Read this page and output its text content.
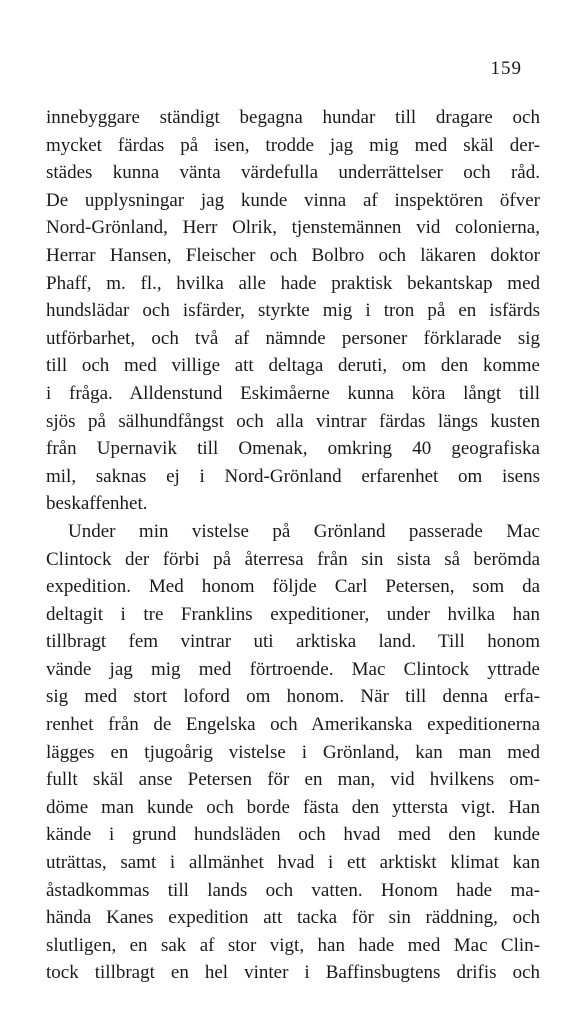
159
innebyggare ständigt begagna hundar till dragare och
mycket färdas på isen, trodde jag mig med skäl der-
städes kunna vänta värdefulla underrättelser och råd.
De upplysningar jag kunde vinna af inspektören öfver
Nord-Grönland, Herr Olrik, tjenstemännen vid colonierna,
Herrar Hansen, Fleischer och Bolbro och läkaren doktor
Phaff, m. fl., hvilka alle hade praktisk bekantskap med
hundslädar och isfärder, styrkte mig i tron på en isfärds
utförbarhet, och två af nämnde personer förklarade sig
till och med villige att deltaga deruti, om den komme
i fråga. Alldenstund Eskimåerne kunna köra långt till
sjös på sälhundfångst och alla vintrar färdas längs kusten
från Upernavik till Omenak, omkring 40 geografiska
mil, saknas ej i Nord-Grönland erfarenhet om isens
beskaffenhet.
Under min vistelse på Grönland passerade Mac
Clintock der förbi på återresa från sin sista så berömda
expedition. Med honom följde Carl Petersen, som da
deltagit i tre Franklins expeditioner, under hvilka han
tillbragt fem vintrar uti arktiska land. Till honom
vände jag mig med förtroende. Mac Clintock yttrade
sig med stort loford om honom. När till denna erfa-
renhet från de Engelska och Amerikanska expeditionerna
lägges en tjugoårig vistelse i Grönland, kan man med
fullt skäl anse Petersen för en man, vid hvilkens om-
döme man kunde och borde fästa den yttersta vigt. Han
kände i grund hundsläden och hvad med den kunde
uträttas, samt i allmänhet hvad i ett arktiskt klimat kan
åstadkommas till lands och vatten. Honom hade ma-
hända Kanes expedition att tacka för sin räddning, och
slutligen, en sak af stor vigt, han hade med Mac Clin-
tock tillbragt en hel vinter i Baffinsbugtens drifis och
